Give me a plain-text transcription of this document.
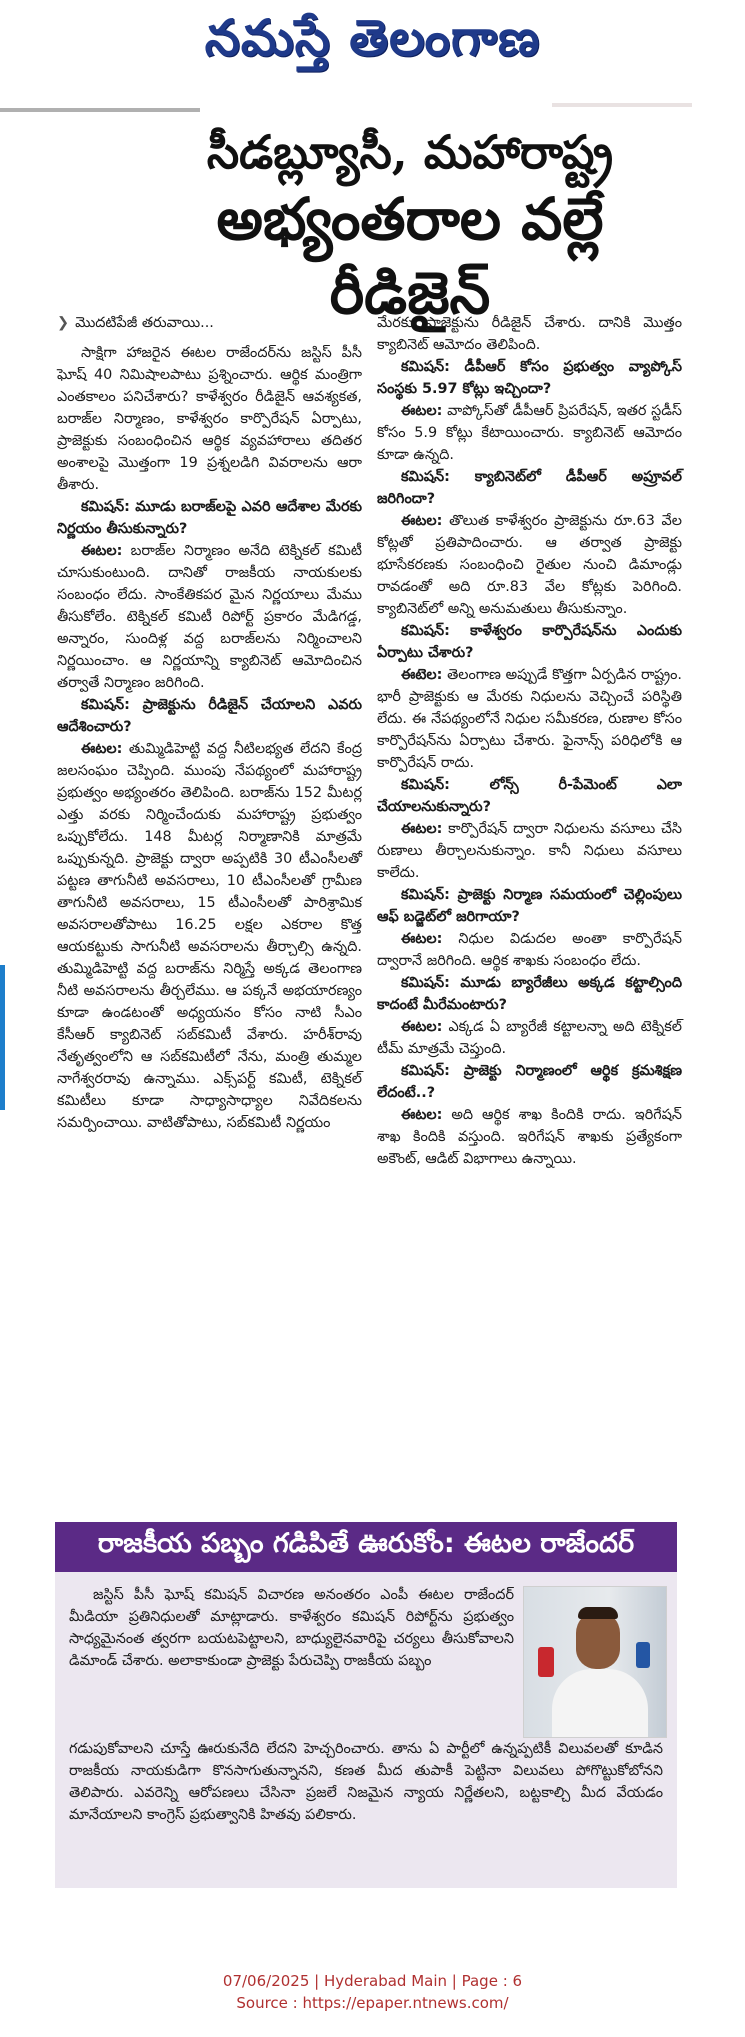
నమస్తే తెలంగాణ
సీడబ్ల్యూసీ, మహారాష్ట్ర
అభ్యంతరాల వల్లే రీడిజైన్

❯ మొదటిపేజీ తరువాయి...

సాక్షిగా హాజరైన ఈటల రాజేందర్‌ను జస్టిస్ పీసీ ఘోష్ 40 నిమిషాలపాటు ప్రశ్నించారు. ఆర్థిక మంత్రిగా ఎంతకాలం పనిచేశారు? కాళేశ్వరం రీడిజైన్ ఆవశ్యకత, బరాజ్‌ల నిర్మాణం, కాళేశ్వరం కార్పొరేషన్ ఏర్పాటు, ప్రాజెక్టుకు సంబంధించిన ఆర్థిక వ్యవహారాలు తదితర అంశాలపై మొత్తంగా 19 ప్రశ్నలడిగి వివరాలను ఆరా తీశారు.

కమిషన్: మూడు బరాజ్‌లపై ఎవరి ఆదేశాల మేరకు నిర్ణయం తీసుకున్నారు?

ఈటల: బరాజ్‌ల నిర్మాణం అనేది టెక్నికల్ కమిటీ చూసుకుంటుంది. దానితో రాజకీయ నాయకులకు సంబంధం లేదు. సాంకేతికపర మైన నిర్ణయాలు మేము తీసుకోలేం. టెక్నికల్ కమిటీ రిపోర్ట్ ప్రకారం మేడిగడ్డ, అన్నారం, సుందిళ్ల వద్ద బరాజ్‌లను నిర్మించాలని నిర్ణయించాం. ఆ నిర్ణయాన్ని క్యాబినెట్ ఆమోదించిన తర్వాతే నిర్మాణం జరిగింది.

కమిషన్: ప్రాజెక్టును రీడిజైన్ చేయాలని ఎవరు ఆదేశించారు?

ఈటల: తుమ్మిడిహెట్టి వద్ద నీటిలభ్యత లేదని కేంద్ర జలసంఘం చెప్పింది. ముంపు నేపథ్యంలో మహారాష్ట్ర ప్రభుత్వం అభ్యంతరం తెలిపింది. బరాజ్‌ను 152 మీటర్ల ఎత్తు వరకు నిర్మించేందుకు మహారాష్ట్ర ప్రభుత్వం ఒప్పుకోలేదు. 148 మీటర్ల నిర్మాణానికి మాత్రమే ఒప్పుకున్నది. ప్రాజెక్టు ద్వారా అప్పటికి 30 టీఎంసీలతో పట్టణ తాగునీటి అవసరాలు, 10 టీఎంసీలతో గ్రామీణ తాగునీటి అవసరాలు, 15 టీఎంసీలతో పారిశ్రామిక అవసరాలతోపాటు 16.25 లక్షల ఎకరాల కొత్త ఆయకట్టుకు సాగునీటి అవసరాలను తీర్చాల్సి ఉన్నది. తుమ్మిడిహెట్టి వద్ద బరాజ్‌ను నిర్మిస్తే అక్కడ తెలంగాణ నీటి అవసరాలను తీర్చలేము. ఆ పక్కనే అభయారణ్యం కూడా ఉండటంతో అధ్యయనం కోసం నాటి సీఎం కేసీఆర్ క్యాబినెట్ సబ్‌కమిటీ వేశారు. హరీశ్‌రావు నేతృత్వంలోని ఆ సబ్‌కమిటీలో నేను, మంత్రి తుమ్మల నాగేశ్వరరావు ఉన్నాము. ఎక్స్‌పర్ట్ కమిటీ, టెక్నికల్ కమిటీలు కూడా సాధ్యాసాధ్యాల నివేదికలను సమర్పించాయి. వాటితోపాటు, సబ్‌కమిటీ నిర్ణయం

మేరకు ప్రాజెక్టును రీడిజైన్ చేశారు. దానికి మొత్తం క్యాబినెట్ ఆమోదం తెలిపింది.

కమిషన్: డీపీఆర్ కోసం ప్రభుత్వం వ్యాప్కోస్ సంస్థకు 5.97 కోట్లు ఇచ్చిందా?

ఈటల: వాప్కోస్‌తో డీపీఆర్ ప్రిపరేషన్, ఇతర స్టడీస్ కోసం 5.9 కోట్లు కేటాయించారు. క్యాబినెట్ ఆమోదం కూడా ఉన్నది.

కమిషన్: క్యాబినెట్‌లో డీపీఆర్ అప్రూవల్ జరిగిందా?

ఈటల: తొలుత కాళేశ్వరం ప్రాజెక్టును రూ.63 వేల కోట్లతో ప్రతిపాదించారు. ఆ తర్వాత ప్రాజెక్టు భూసేకరణకు సంబంధించి రైతుల నుంచి డిమాండ్లు రావడంతో అది రూ.83 వేల కోట్లకు పెరిగింది. క్యాబినెట్‌లో అన్ని అనుమతులు తీసుకున్నాం.

కమిషన్: కాళేశ్వరం కార్పొరేషన్‌ను ఎందుకు ఏర్పాటు చేశారు?

ఈటెల: తెలంగాణ అప్పుడే కొత్తగా ఏర్పడిన రాష్ట్రం. భారీ ప్రాజెక్టుకు ఆ మేరకు నిధులను వెచ్చించే పరిస్థితి లేదు. ఈ నేపథ్యంలోనే నిధుల సమీకరణ, రుణాల కోసం కార్పొరేషన్‌ను ఏర్పాటు చేశారు. ఫైనాన్స్ పరిధిలోకి ఆ కార్పొరేషన్ రాదు.

కమిషన్:	లోన్స్ రీ-పేమెంట్ ఎలా చేయాలనుకున్నారు?

ఈటల: కార్పొరేషన్ ద్వారా నిధులను వసూలు చేసి రుణాలు తీర్చాలనుకున్నాం. కానీ నిధులు వసూలు కాలేదు.

కమిషన్: ప్రాజెక్టు నిర్మాణ సమయంలో చెల్లింపులు ఆఫ్ బడ్జెట్‌లో జరిగాయా?

ఈటల: నిధుల విడుదల అంతా కార్పొరేషన్ ద్వారానే జరిగింది. ఆర్థిక శాఖకు సంబంధం లేదు.

కమిషన్: మూడు బ్యారేజీలు అక్కడ కట్టాల్సింది కాదంటే మీరేమంటారు?

ఈటల: ఎక్కడ ఏ బ్యారేజీ కట్టాలన్నా అది టెక్నికల్ టీమ్ మాత్రమే చెప్తుంది.

కమిషన్: ప్రాజెక్టు నిర్మాణంలో ఆర్థిక క్రమశిక్షణ లేదంటే..?

ఈటల: అది ఆర్థిక శాఖ కిందికి రాదు. ఇరిగేషన్ శాఖ కిందికి వస్తుంది. ఇరిగేషన్ శాఖకు ప్రత్యేకంగా అకౌంట్, ఆడిట్ విభాగాలు ఉన్నాయి.

రాజకీయ పబ్బం గడిపితే ఊరుకోం: ఈటల రాజేందర్
జస్టిస్ పీసీ ఘోష్ కమిషన్ విచారణ అనంతరం ఎంపీ ఈటల రాజేందర్ మీడియా ప్రతినిధులతో మాట్లాడారు. కాళేశ్వరం కమిషన్ రిపోర్ట్‌ను ప్రభుత్వం సాధ్యమైనంత త్వరగా బయటపెట్టాలని, బాధ్యులైనవారిపై చర్యలు తీసుకోవాలని డిమాండ్ చేశారు. అలాకాకుండా ప్రాజెక్టు పేరుచెప్పి రాజకీయ పబ్బం
గడుపుకోవాలని చూస్తే ఊరుకునేది లేదని హెచ్చరించారు. తాను ఏ పార్టీలో ఉన్నప్పటికీ విలువలతో కూడిన రాజకీయ నాయకుడిగా కొనసాగుతున్నానని, కణత మీద తుపాకీ పెట్టినా విలువలు పోగొట్టుకోబోనని తెలిపారు. ఎవరెన్ని ఆరోపణలు చేసినా ప్రజలే నిజమైన న్యాయ నిర్ణేతలని, బట్టకాల్చి మీద వేయడం మానేయాలని కాంగ్రెస్ ప్రభుత్వానికి హితవు పలికారు.
07/06/2025 | Hyderabad Main | Page : 6
Source : https://epaper.ntnews.com/
